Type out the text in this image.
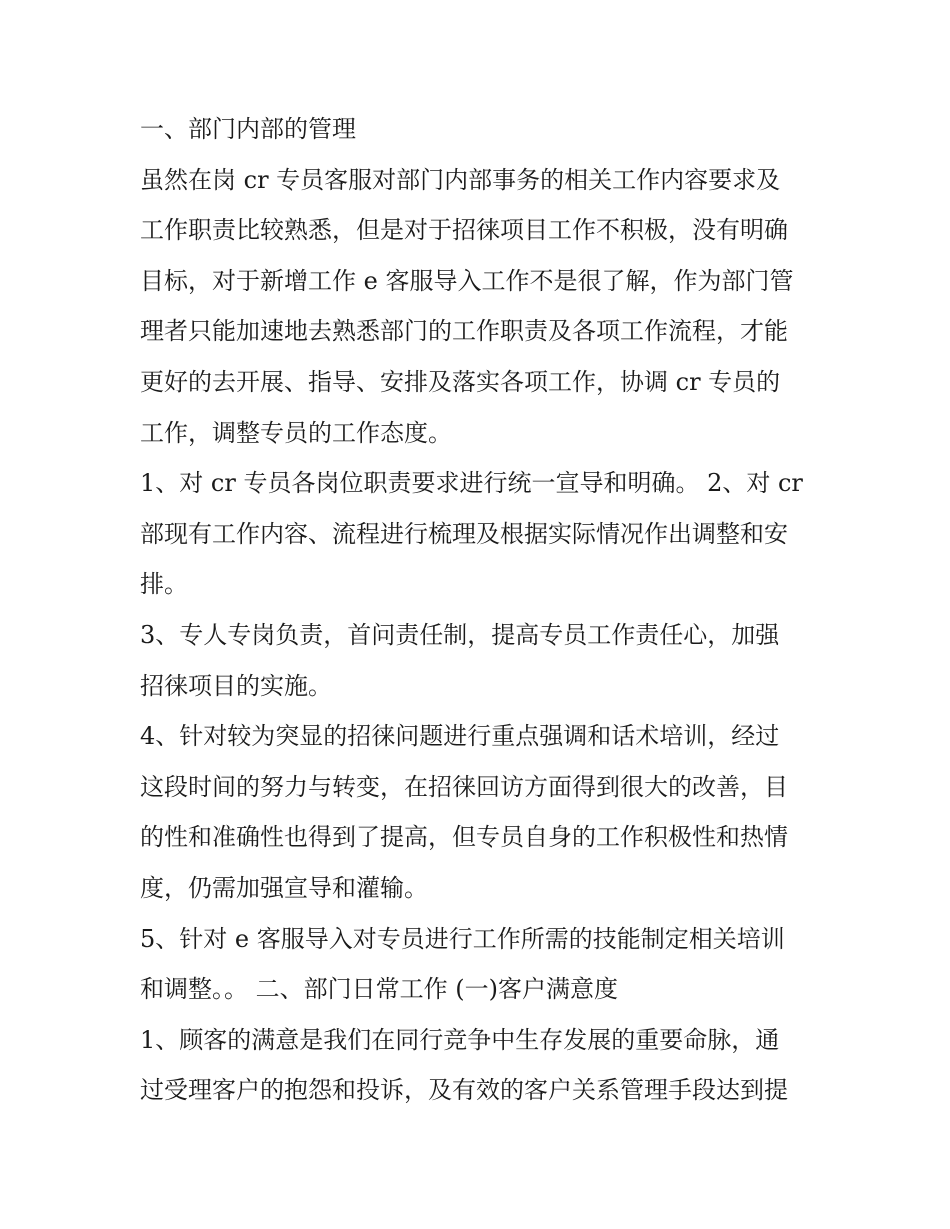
一、部门内部的管理
虽然在岗 cr 专员客服对部门内部事务的相关工作内容要求及
工作职责比较熟悉，但是对于招徕项目工作不积极，没有明确
目标，对于新增工作 e 客服导入工作不是很了解，作为部门管
理者只能加速地去熟悉部门的工作职责及各项工作流程，才能
更好的去开展、指导、安排及落实各项工作，协调 cr 专员的
工作，调整专员的工作态度。
1、对 cr 专员各岗位职责要求进行统一宣导和明确。 2、对 cr
部现有工作内容、流程进行梳理及根据实际情况作出调整和安
排。
3、专人专岗负责，首问责任制，提高专员工作责任心，加强
招徕项目的实施。
4、针对较为突显的招徕问题进行重点强调和话术培训，经过
这段时间的努力与转变，在招徕回访方面得到很大的改善，目
的性和准确性也得到了提高，但专员自身的工作积极性和热情
度，仍需加强宣导和灌输。
5、针对 e 客服导入对专员进行工作所需的技能制定相关培训
和调整。。 二、部门日常工作 (一)客户满意度
1、顾客的满意是我们在同行竞争中生存发展的重要命脉，通
过受理客户的抱怨和投诉，及有效的客户关系管理手段达到提
